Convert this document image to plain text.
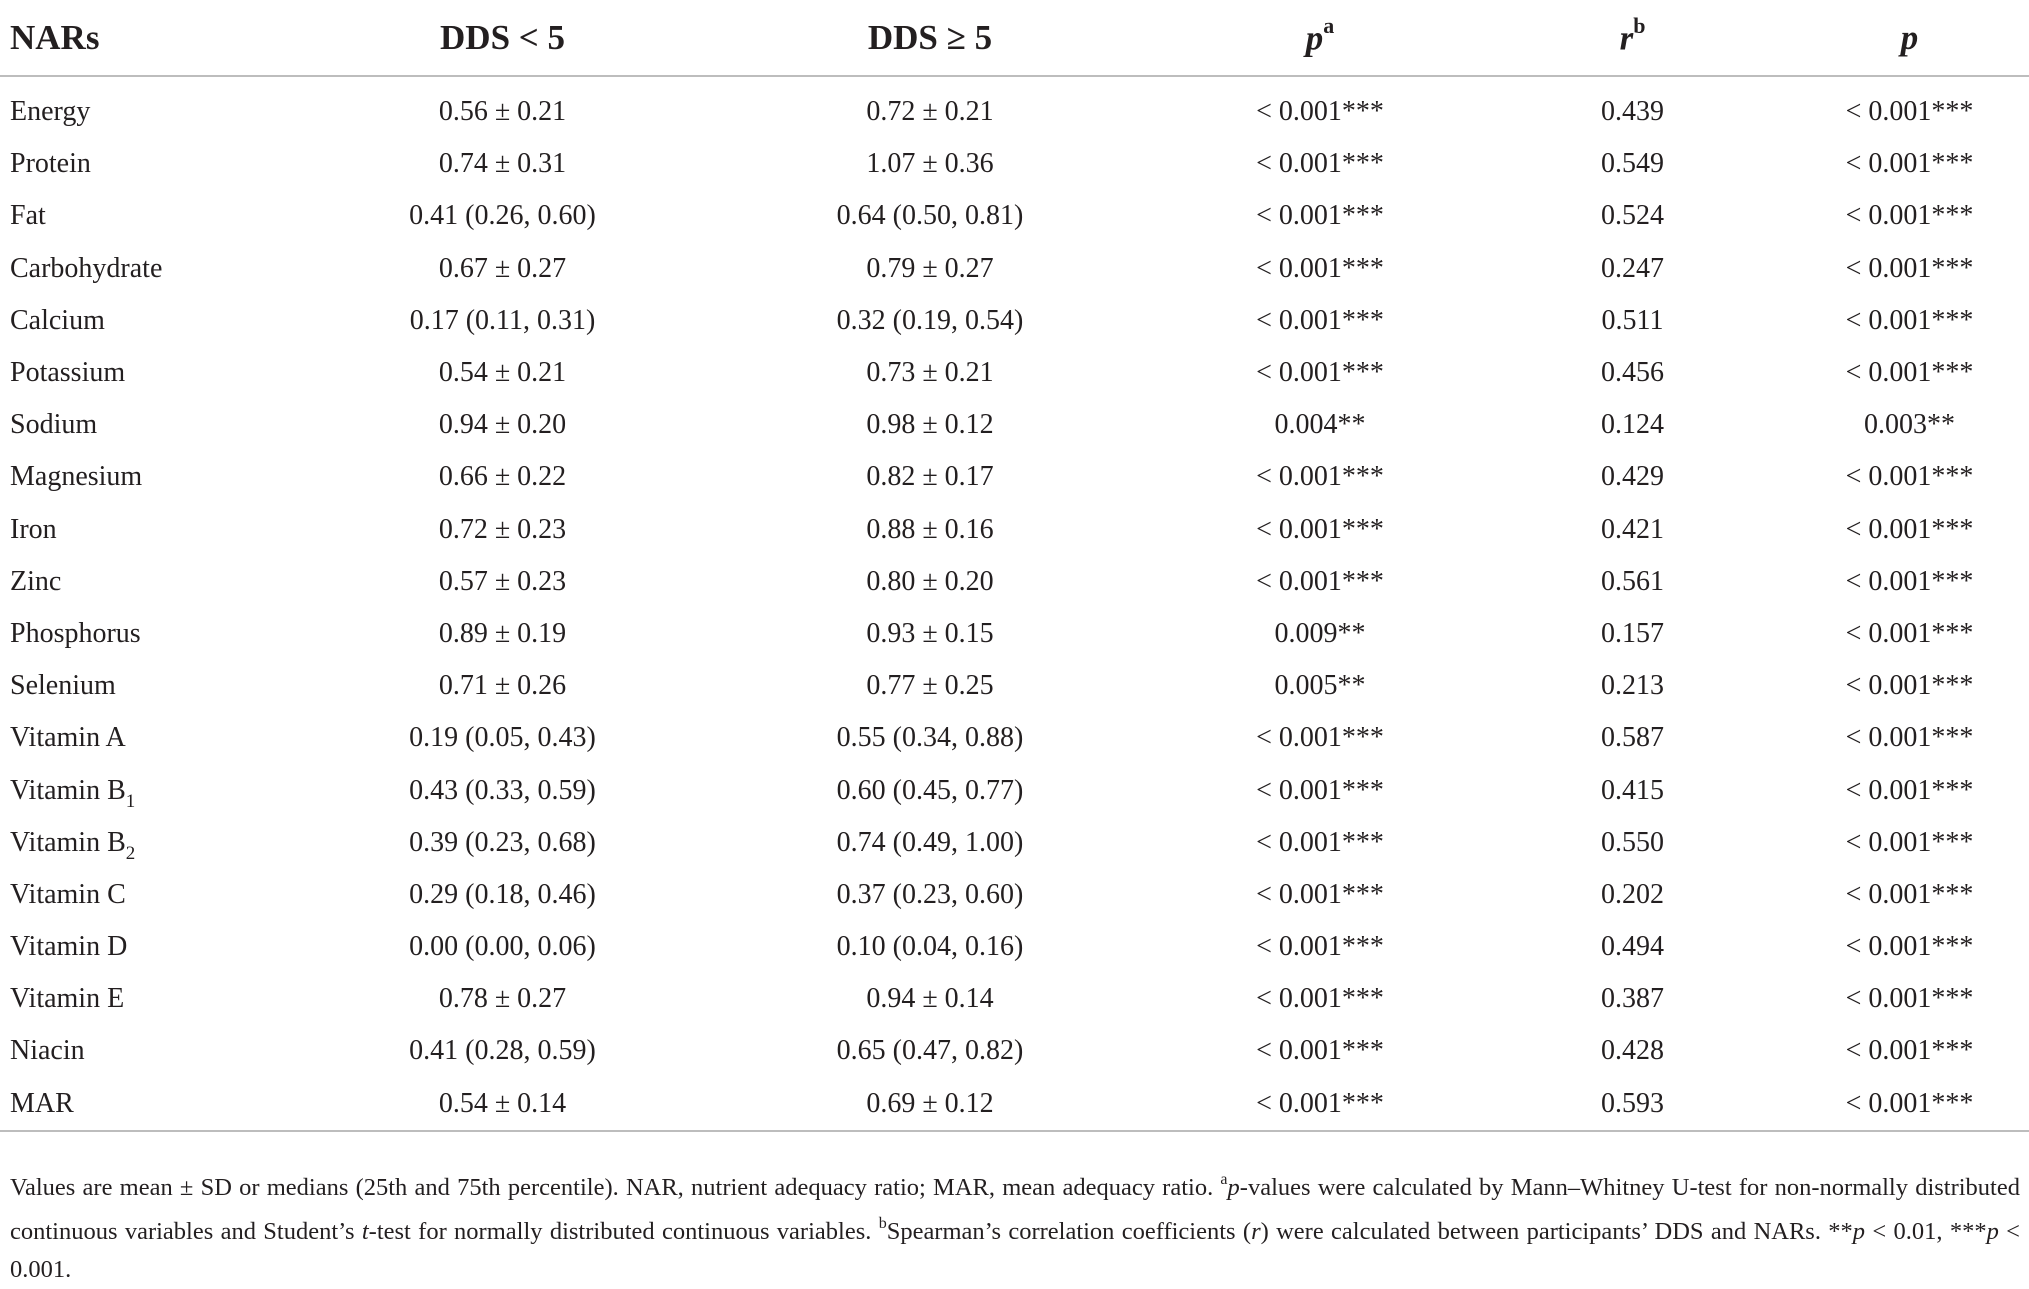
NARs	DDS < 5	DDS ≥ 5	$p^a$	$r^b$	p
Energy	0.56 ± 0.21	0.72 ± 0.21	< 0.001***	0.439	< 0.001***
Protein	0.74 ± 0.31	1.07 ± 0.36	< 0.001***	0.549	< 0.001***
Fat	0.41 (0.26, 0.60)	0.64 (0.50, 0.81)	< 0.001***	0.524	< 0.001***
Carbohydrate	0.67 ± 0.27	0.79 ± 0.27	< 0.001***	0.247	< 0.001***
Calcium	0.17 (0.11, 0.31)	0.32 (0.19, 0.54)	< 0.001***	0.511	< 0.001***
Potassium	0.54 ± 0.21	0.73 ± 0.21	< 0.001***	0.456	< 0.001***
Sodium	0.94 ± 0.20	0.98 ± 0.12	0.004**	0.124	0.003**
Magnesium	0.66 ± 0.22	0.82 ± 0.17	< 0.001***	0.429	< 0.001***
Iron	0.72 ± 0.23	0.88 ± 0.16	< 0.001***	0.421	< 0.001***
Zinc	0.57 ± 0.23	0.80 ± 0.20	< 0.001***	0.561	< 0.001***
Phosphorus	0.89 ± 0.19	0.93 ± 0.15	0.009**	0.157	< 0.001***
Selenium	0.71 ± 0.26	0.77 ± 0.25	0.005**	0.213	< 0.001***
Vitamin A	0.19 (0.05, 0.43)	0.55 (0.34, 0.88)	< 0.001***	0.587	< 0.001***
Vitamin $B_1$	0.43 (0.33, 0.59)	0.60 (0.45, 0.77)	< 0.001***	0.415	< 0.001***
Vitamin $B_2$	0.39 (0.23, 0.68)	0.74 (0.49, 1.00)	< 0.001***	0.550	< 0.001***
Vitamin C	0.29 (0.18, 0.46)	0.37 (0.23, 0.60)	< 0.001***	0.202	< 0.001***
Vitamin D	0.00 (0.00, 0.06)	0.10 (0.04, 0.16)	< 0.001***	0.494	< 0.001***
Vitamin E	0.78 ± 0.27	0.94 ± 0.14	< 0.001***	0.387	< 0.001***
Niacin	0.41 (0.28, 0.59)	0.65 (0.47, 0.82)	< 0.001***	0.428	< 0.001***
MAR	0.54 ± 0.14	0.69 ± 0.12	< 0.001***	0.593	< 0.001***
Values are mean ± SD or medians (25th and 75th percentile). NAR, nutrient adequacy ratio; MAR, mean adequacy ratio. $^a$p-values were calculated by Mann–Whitney U-test for non-normally distributed continuous variables and Student’s t-test for normally distributed continuous variables. $^b$Spearman’s correlation coefficients (r) were calculated between participants’ DDS and NARs. **p < 0.01, ***p < 0.001.
